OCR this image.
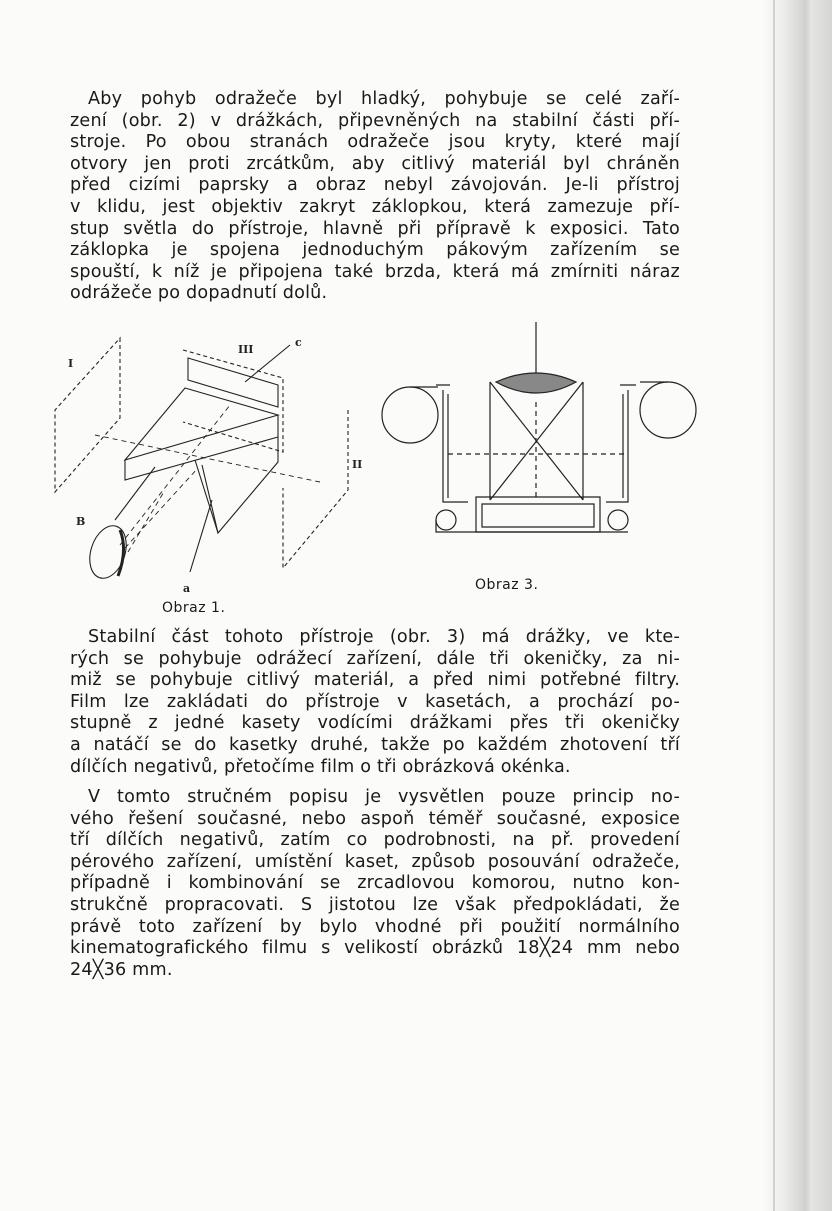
Aby pohyb odražeče byl hladký, pohybuje se celé zaří-
zení (obr. 2) v drážkách, připevněných na stabilní části pří-
stroje. Po obou stranách odražeče jsou kryty, které mají
otvory jen proti zrcátkům, aby citlivý materiál byl chráněn
před cizími paprsky a obraz nebyl závojován. Je-li přístroj
v klidu, jest objektiv zakryt záklopkou, která zamezuje pří-
stup světla do přístroje, hlavně při přípravě k exposici. Tato
záklopka je spojena jednoduchým pákovým zařízením se
spouští, k níž je připojena také brzda, která má zmírniti náraz
odrážeče po dopadnutí dolů.
I
III
c
II
B
a
Obraz 1.
Obraz 3.
Stabilní část tohoto přístroje (obr. 3) má drážky, ve kte-
rých se pohybuje odrážecí zařízení, dále tři okeničky, za ni-
miž se pohybuje citlivý materiál, a před nimi potřebné filtry.
Film lze zakládati do přístroje v kasetách, a prochází po-
stupně z jedné kasety vodícími drážkami přes tři okeničky
a natáčí se do kasetky druhé, takže po každém zhotovení tří
dílčích negativů, přetočíme film o tři obrázková okénka.
V tomto stručném popisu je vysvětlen pouze princip no-
vého řešení současné, nebo aspoň téměř současné, exposice
tří dílčích negativů, zatím co podrobnosti, na př. provedení
pérového zařízení, umístění kaset, způsob posouvání odražeče,
případně i kombinování se zrcadlovou komorou, nutno kon-
strukčně propracovati. S jistotou lze však předpokládati, že
právě toto zařízení by bylo vhodné při použití normálního
kinematografického filmu s velikostí obrázků 18╳24 mm nebo
24╳36 mm.
